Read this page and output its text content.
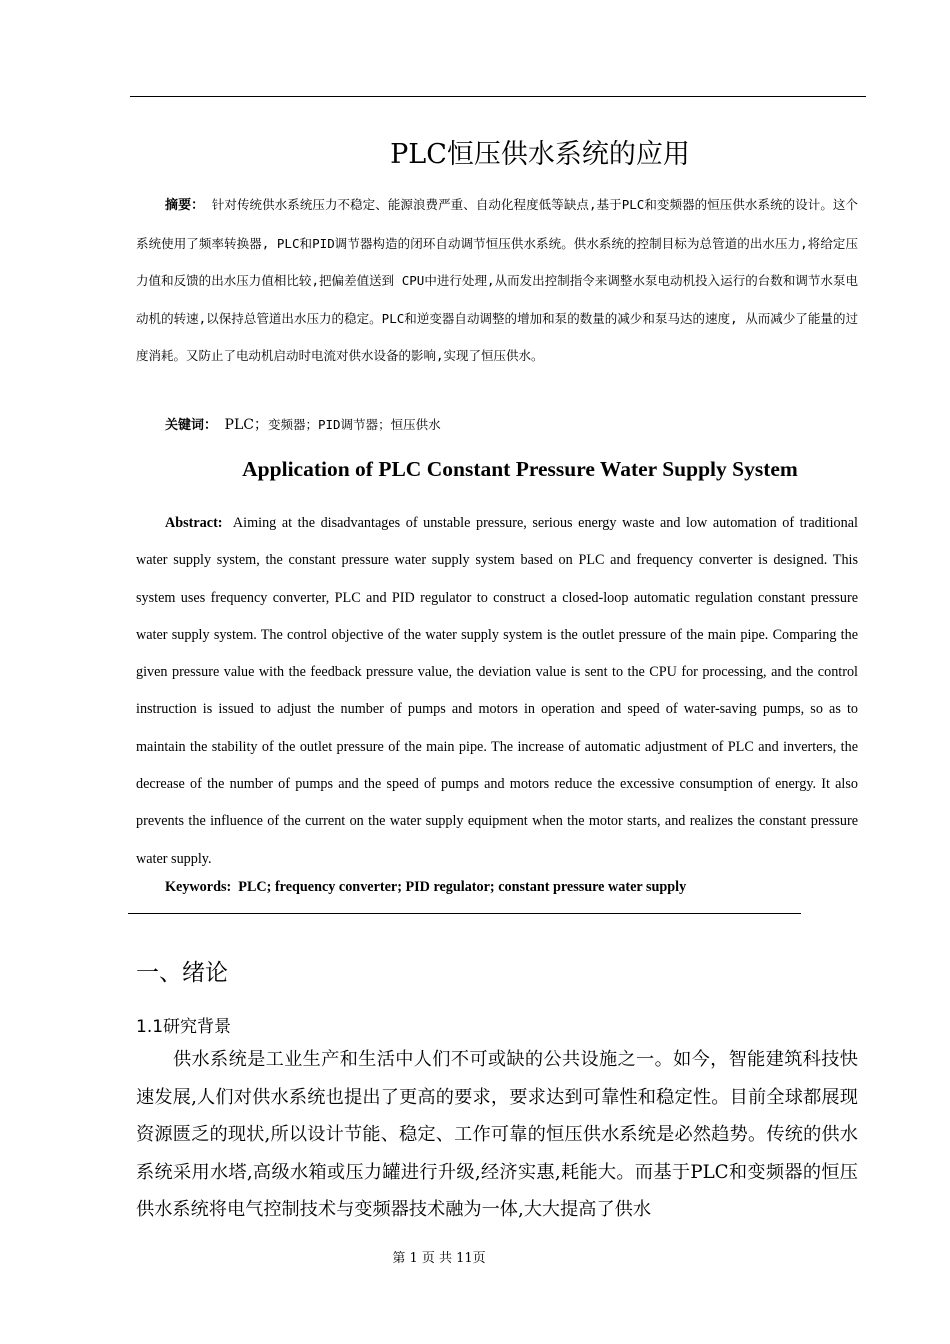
PLC恒压供水系统的应用
摘要： 针对传统供水系统压力不稳定、能源浪费严重、自动化程度低等缺点,基于PLC和变频器的恒压供水系统的设计。这个系统使用了频率转换器, PLC和PID调节器构造的闭环自动调节恒压供水系统。供水系统的控制目标为总管道的出水压力,将给定压力值和反馈的出水压力值相比较,把偏差值送到 CPU中进行处理,从而发出控制指令来调整水泵电动机投入运行的台数和调节水泵电动机的转速,以保持总管道出水压力的稳定。PLC和逆变器自动调整的增加和泵的数量的减少和泵马达的速度, 从而减少了能量的过度消耗。又防止了电动机启动时电流对供水设备的影响,实现了恒压供水。
关键词： PLC；变频器；PID调节器；恒压供水
Application of PLC Constant Pressure Water Supply System
Abstract: Aiming at the disadvantages of unstable pressure, serious energy waste and low automation of traditional water supply system, the constant pressure water supply system based on PLC and frequency converter is designed. This system uses frequency converter, PLC and PID regulator to construct a closed-loop automatic regulation constant pressure water supply system. The control objective of the water supply system is the outlet pressure of the main pipe. Comparing the given pressure value with the feedback pressure value, the deviation value is sent to the CPU for processing, and the control instruction is issued to adjust the number of pumps and motors in operation and speed of water-saving pumps, so as to maintain the stability of the outlet pressure of the main pipe. The increase of automatic adjustment of PLC and inverters, the decrease of the number of pumps and the speed of pumps and motors reduce the excessive consumption of energy. It also prevents the influence of the current on the water supply equipment when the motor starts, and realizes the constant pressure water supply.
Keywords: PLC; frequency converter; PID regulator; constant pressure water supply
一、绪论
1.1研究背景
供水系统是工业生产和生活中人们不可或缺的公共设施之一。如今，智能建筑科技快速发展,人们对供水系统也提出了更高的要求，要求达到可靠性和稳定性。目前全球都展现资源匮乏的现状,所以设计节能、稳定、工作可靠的恒压供水系统是必然趋势。传统的供水系统采用水塔,高级水箱或压力罐进行升级,经济实惠,耗能大。而基于PLC和变频器的恒压供水系统将电气控制技术与变频器技术融为一体,大大提高了供水
第 1 页 共 11页
